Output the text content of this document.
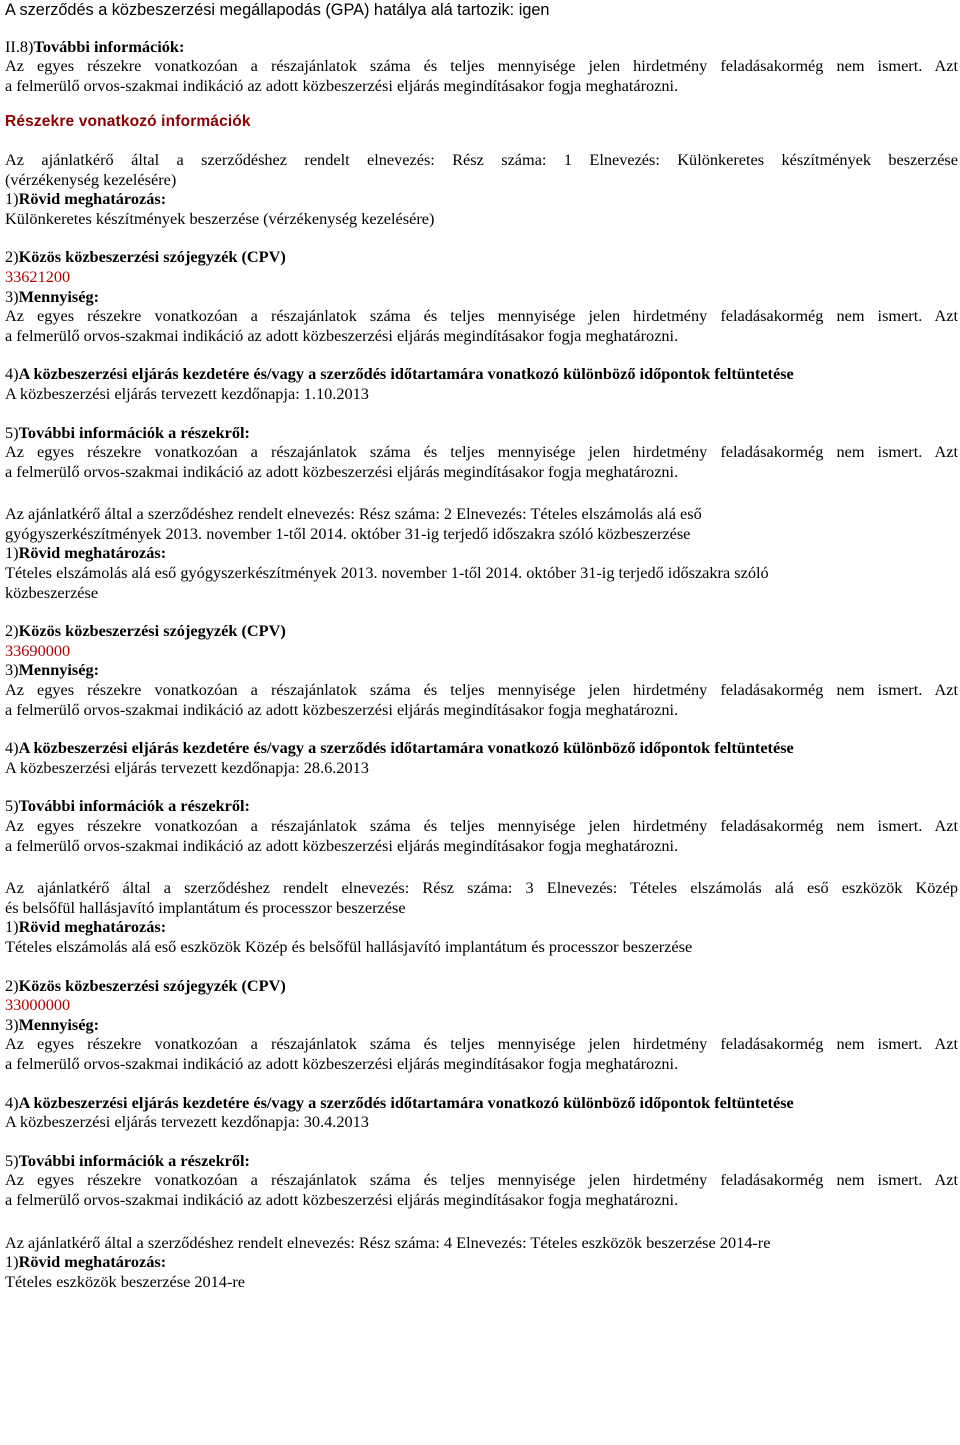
A szerződés a közbeszerzési megállapodás (GPA) hatálya alá tartozik: igen
II.8)További információk:
Az egyes részekre vonatkozóan a részajánlatok száma és teljes mennyisége jelen hirdetmény feladásakormég nem ismert. Azt
a felmerülő orvos-szakmai indikáció az adott közbeszerzési eljárás megindításakor fogja meghatározni.
Részekre vonatkozó információk
Az ajánlatkérő által a szerződéshez rendelt elnevezés: Rész száma: 1 Elnevezés: Különkeretes készítmények beszerzése
(vérzékenység kezelésére)
1)Rövid meghatározás:
Különkeretes készítmények beszerzése (vérzékenység kezelésére)
2)Közös közbeszerzési szójegyzék (CPV)
33621200
3)Mennyiség:
Az egyes részekre vonatkozóan a részajánlatok száma és teljes mennyisége jelen hirdetmény feladásakormég nem ismert. Azt
a felmerülő orvos-szakmai indikáció az adott közbeszerzési eljárás megindításakor fogja meghatározni.
4)A közbeszerzési eljárás kezdetére és/vagy a szerződés időtartamára vonatkozó különböző időpontok feltüntetése
A közbeszerzési eljárás tervezett kezdőnapja: 1.10.2013
5)További információk a részekről:
Az egyes részekre vonatkozóan a részajánlatok száma és teljes mennyisége jelen hirdetmény feladásakormég nem ismert. Azt
a felmerülő orvos-szakmai indikáció az adott közbeszerzési eljárás megindításakor fogja meghatározni.
Az ajánlatkérő által a szerződéshez rendelt elnevezés: Rész száma: 2 Elnevezés: Tételes elszámolás alá eső
gyógyszerkészítmények 2013. november 1-től 2014. október 31-ig terjedő időszakra szóló közbeszerzése
1)Rövid meghatározás:
Tételes elszámolás alá eső gyógyszerkészítmények 2013. november 1-től 2014. október 31-ig terjedő időszakra szóló
közbeszerzése
2)Közös közbeszerzési szójegyzék (CPV)
33690000
3)Mennyiség:
Az egyes részekre vonatkozóan a részajánlatok száma és teljes mennyisége jelen hirdetmény feladásakormég nem ismert. Azt
a felmerülő orvos-szakmai indikáció az adott közbeszerzési eljárás megindításakor fogja meghatározni.
4)A közbeszerzési eljárás kezdetére és/vagy a szerződés időtartamára vonatkozó különböző időpontok feltüntetése
A közbeszerzési eljárás tervezett kezdőnapja: 28.6.2013
5)További információk a részekről:
Az egyes részekre vonatkozóan a részajánlatok száma és teljes mennyisége jelen hirdetmény feladásakormég nem ismert. Azt
a felmerülő orvos-szakmai indikáció az adott közbeszerzési eljárás megindításakor fogja meghatározni.
Az ajánlatkérő által a szerződéshez rendelt elnevezés: Rész száma: 3 Elnevezés: Tételes elszámolás alá eső eszközök Közép
és belsőfül hallásjavító implantátum és processzor beszerzése
1)Rövid meghatározás:
Tételes elszámolás alá eső eszközök Közép és belsőfül hallásjavító implantátum és processzor beszerzése
2)Közös közbeszerzési szójegyzék (CPV)
33000000
3)Mennyiség:
Az egyes részekre vonatkozóan a részajánlatok száma és teljes mennyisége jelen hirdetmény feladásakormég nem ismert. Azt
a felmerülő orvos-szakmai indikáció az adott közbeszerzési eljárás megindításakor fogja meghatározni.
4)A közbeszerzési eljárás kezdetére és/vagy a szerződés időtartamára vonatkozó különböző időpontok feltüntetése
A közbeszerzési eljárás tervezett kezdőnapja: 30.4.2013
5)További információk a részekről:
Az egyes részekre vonatkozóan a részajánlatok száma és teljes mennyisége jelen hirdetmény feladásakormég nem ismert. Azt
a felmerülő orvos-szakmai indikáció az adott közbeszerzési eljárás megindításakor fogja meghatározni.
Az ajánlatkérő által a szerződéshez rendelt elnevezés: Rész száma: 4 Elnevezés: Tételes eszközök beszerzése 2014-re
1)Rövid meghatározás:
Tételes eszközök beszerzése 2014-re
